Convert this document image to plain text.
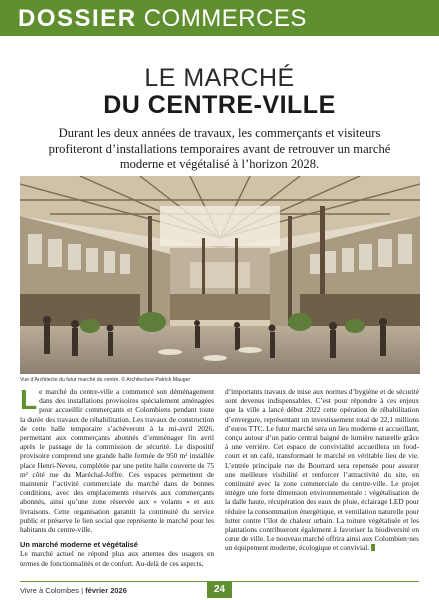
DOSSIER COMMERCES
LE MARCHÉ
DU CENTRE-VILLE
Durant les deux années de travaux, les commerçants et visiteurs profiteront d’installations temporaires avant de retrouver un marché moderne et végétalisé à l’horizon 2028.
Vue d’Architecte du futur marché du centre. © Architecture Patrick Mauger

Le marché du centre-ville a commencé son déménagement dans des installations provisoires spécialement aménagées pour accueillir commerçants et Colombiens pendant toute la durée des travaux de réhabilitation. Les travaux de construction de cette halle temporaire s’achèveront à la mi-avril 2026, permettant aux commerçants abonnés d’emménager fin avril après le passage de la commission de sécurité. Le dispositif provisoire comprend une grande halle fermée de 950 m² installée place Henri-Neveu, complétée par une petite halle couverte de 75 m² côté rue du Maréchal-Joffre. Ces espaces permettent de maintenir l’activité commerciale du marché dans de bonnes conditions, avec des emplacements réservés aux commerçants abonnés, ainsi qu’une zone réservée aux « volants » et aux livraisons. Cette organisation garantit la continuité du service public et préserve le lien social que représente le marché pour les habitants du centre-ville.

Un marché moderne et végétalisé

Le marché actuel ne répond plus aux attentes des usagers en termes de fonctionnalités et de confort. Au-delà de ces aspects,

d’importants travaux de mise aux normes d’hygiène et de sécurité sont devenus indispensables. C’est pour répondre à ces enjeux que la ville a lancé début 2022 cette opération de réhabilitation d’envergure, représentant un investissement total de 22,1 millions d’euros TTC. Le futur marché sera un lieu moderne et accueillant, conçu autour d’un patio central baigné de lumière naturelle grâce à une verrière. Cet espace de convivialité accueillera un food-court et un café, transformant le marché en véritable lieu de vie. L’entrée principale rue du Bourrard sera repensée pour assurer une meilleure visibilité et renforcer l’attractivité du site, en continuité avec la zone commerciale du centre-ville. Le projet intègre une forte dimension environnementale : végétalisation de la dalle haute, récupération des eaux de pluie, éclairage LED pour réduire la consommation énergétique, et ventilation naturelle pour lutter contre l’îlot de chaleur urbain. La toiture végétalisée et les plantations contribueront également à favoriser la biodiversité en cœur de ville. Le nouveau marché offrira ainsi aux Colombien·nes un équipement moderne, écologique et convivial.

Vivre à Colombes | février 2026	24
